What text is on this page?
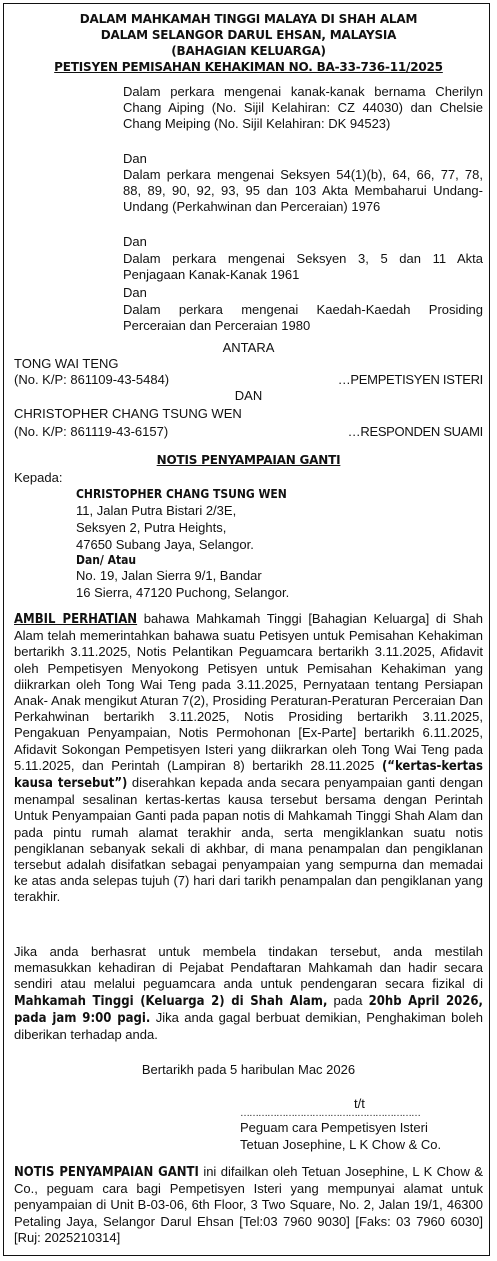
DALAM MAHKAMAH TINGGI MALAYA DI SHAH ALAM
DALAM SELANGOR DARUL EHSAN, MALAYSIA
(BAHAGIAN KELUARGA)
PETISYEN PEMISAHAN KEHAKIMAN NO. BA-33-736-11/2025
Dalam perkara mengenai kanak-kanak bernama Cherilyn Chang Aiping (No. Sijil Kelahiran: CZ 44030) dan Chelsie Chang Meiping (No. Sijil Kelahiran: DK 94523)
Dan
Dalam perkara mengenai Seksyen 54(1)(b), 64, 66, 77, 78, 88, 89, 90, 92, 93, 95 dan 103 Akta Membaharui Undang-Undang (Perkahwinan dan Perceraian) 1976
Dan
Dalam perkara mengenai Seksyen 3, 5 dan 11 Akta Penjagaan Kanak-Kanak 1961
Dan
Dalam perkara mengenai Kaedah-Kaedah Prosiding Perceraian dan Perceraian 1980
ANTARA
TONG WAI TENG
(No. K/P: 861109-43-5484)	…PEMPETISYEN ISTERI
DAN
CHRISTOPHER CHANG TSUNG WEN
(No. K/P: 861119-43-6157)	…RESPONDEN SUAMI
NOTIS PENYAMPAIAN GANTI
Kepada:
CHRISTOPHER CHANG TSUNG WEN
11, Jalan Putra Bistari 2/3E,
Seksyen 2, Putra Heights,
47650 Subang Jaya, Selangor.
Dan/ Atau
No. 19, Jalan Sierra 9/1, Bandar
16 Sierra, 47120 Puchong, Selangor.
AMBIL PERHATIAN bahawa Mahkamah Tinggi [Bahagian Keluarga] di Shah Alam telah memerintahkan bahawa suatu Petisyen untuk Pemisahan Kehakiman bertarikh 3.11.2025, Notis Pelantikan Peguamcara bertarikh 3.11.2025, Afidavit oleh Pempetisyen Menyokong Petisyen untuk Pemisahan Kehakiman yang diikrarkan oleh Tong Wai Teng pada 3.11.2025, Pernyataan tentang Persiapan Anak- Anak mengikut Aturan 7(2), Prosiding Peraturan-Peraturan Perceraian Dan Perkahwinan bertarikh 3.11.2025, Notis Prosiding bertarikh 3.11.2025, Pengakuan Penyampaian, Notis Permohonan [Ex-Parte] bertarikh 6.11.2025, Afidavit Sokongan Pempetisyen Isteri yang diikrarkan oleh Tong Wai Teng pada 5.11.2025, dan Perintah (Lampiran 8) bertarikh 28.11.2025 (“kertas-kertas kausa tersebut”) diserahkan kepada anda secara penyampaian ganti dengan menampal sesalinan kertas-kertas kausa tersebut bersama dengan Perintah Untuk Penyampaian Ganti pada papan notis di Mahkamah Tinggi Shah Alam dan pada pintu rumah alamat terakhir anda, serta mengiklankan suatu notis pengiklanan sebanyak sekali di akhbar, di mana penampalan dan pengiklanan tersebut adalah disifatkan sebagai penyampaian yang sempurna dan memadai ke atas anda selepas tujuh (7) hari dari tarikh penampalan dan pengiklanan yang terakhir.
Jika anda berhasrat untuk membela tindakan tersebut, anda mestilah memasukkan kehadiran di Pejabat Pendaftaran Mahkamah dan hadir secara sendiri atau melalui peguamcara anda untuk pendengaran secara fizikal di Mahkamah Tinggi (Keluarga 2) di Shah Alam, pada 20hb April 2026, pada jam 9:00 pagi. Jika anda gagal berbuat demikian, Penghakiman boleh diberikan terhadap anda.
Bertarikh pada 5 haribulan Mac 2026
t/t
……………………………………………………
Peguam cara Pempetisyen Isteri
Tetuan Josephine, L K Chow & Co.
NOTIS PENYAMPAIAN GANTI ini difailkan oleh Tetuan Josephine, L K Chow & Co., peguam cara bagi Pempetisyen Isteri yang mempunyai alamat untuk penyampaian di Unit B-03-06, 6th Floor, 3 Two Square, No. 2, Jalan 19/1, 46300 Petaling Jaya, Selangor Darul Ehsan [Tel:03 7960 9030] [Faks: 03 7960 6030] [Ruj: 2025210314]
